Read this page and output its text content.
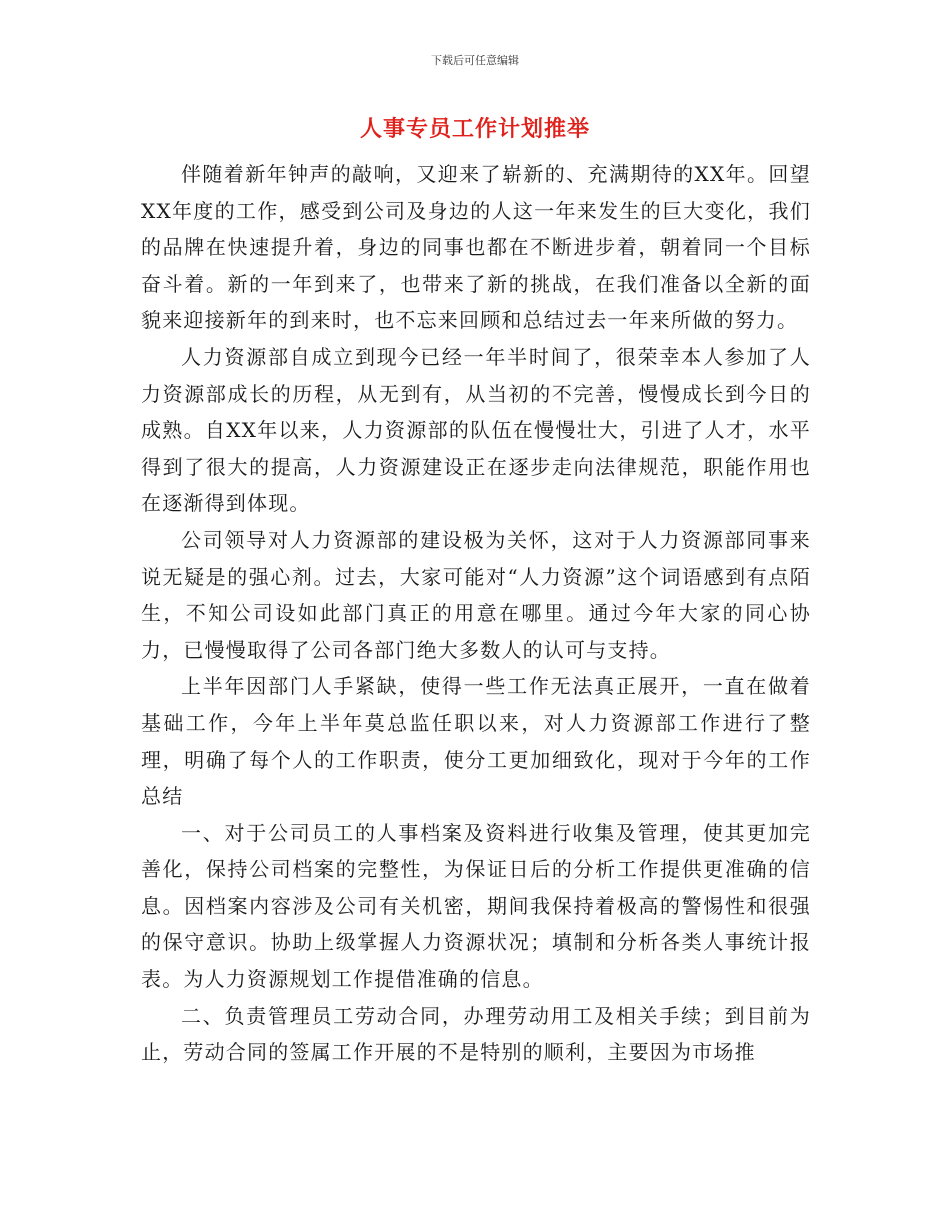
下载后可任意编辑
人事专员工作计划推举

伴随着新年钟声的敲响，又迎来了崭新的、充满期待的XX年。回望XX年度的工作，感受到公司及身边的人这一年来发生的巨大变化，我们的品牌在快速提升着，身边的同事也都在不断进步着，朝着同一个目标奋斗着。新的一年到来了，也带来了新的挑战，在我们准备以全新的面貌来迎接新年的到来时，也不忘来回顾和总结过去一年来所做的努力。

人力资源部自成立到现今已经一年半时间了，很荣幸本人参加了人力资源部成长的历程，从无到有，从当初的不完善，慢慢成长到今日的成熟。自XX年以来，人力资源部的队伍在慢慢壮大，引进了人才，水平得到了很大的提高，人力资源建设正在逐步走向法律规范，职能作用也在逐渐得到体现。

公司领导对人力资源部的建设极为关怀，这对于人力资源部同事来说无疑是的强心剂。过去，大家可能对“人力资源”这个词语感到有点陌生，不知公司设如此部门真正的用意在哪里。通过今年大家的同心协力，已慢慢取得了公司各部门绝大多数人的认可与支持。

上半年因部门人手紧缺，使得一些工作无法真正展开，一直在做着基础工作，今年上半年莫总监任职以来，对人力资源部工作进行了整理，明确了每个人的工作职责，使分工更加细致化，现对于今年的工作总结

一、对于公司员工的人事档案及资料进行收集及管理，使其更加完善化，保持公司档案的完整性，为保证日后的分析工作提供更准确的信息。因档案内容涉及公司有关机密，期间我保持着极高的警惕性和很强的保守意识。协助上级掌握人力资源状况；填制和分析各类人事统计报表。为人力资源规划工作提借准确的信息。

二、负责管理员工劳动合同，办理劳动用工及相关手续；到目前为止，劳动合同的签属工作开展的不是特别的顺利，主要因为市场推
